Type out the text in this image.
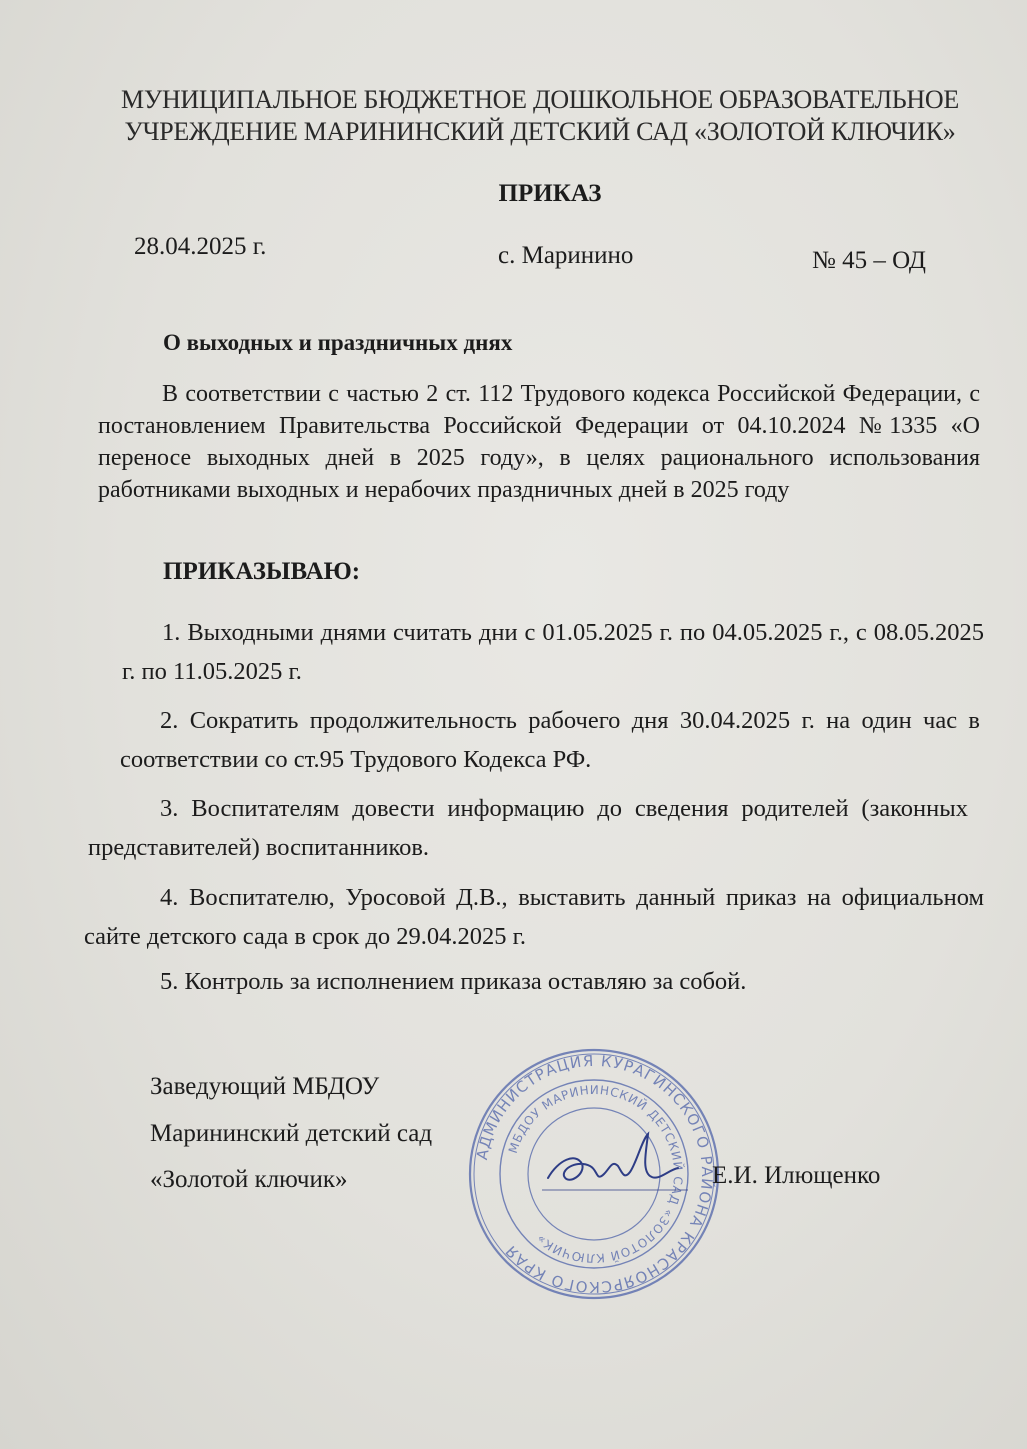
МУНИЦИПАЛЬНОЕ БЮДЖЕТНОЕ ДОШКОЛЬНОЕ ОБРАЗОВАТЕЛЬНОЕ
УЧРЕЖДЕНИЕ МАРИНИНСКИЙ ДЕТСКИЙ САД «ЗОЛОТОЙ КЛЮЧИК»
ПРИКАЗ
28.04.2025 г.	с. Маринино	№ 45 – ОД
О выходных и праздничных днях
В соответствии с частью 2 ст. 112 Трудового кодекса Российской Федерации, с постановлением Правительства Российской Федерации от 04.10.2024 №1335 «О переносе выходных дней в 2025 году», в целях рационального использования работниками выходных и нерабочих праздничных дней в 2025 году
ПРИКАЗЫВАЮ:
1. Выходными днями считать дни с 01.05.2025 г. по 04.05.2025 г., с 08.05.2025 г. по 11.05.2025 г.
2. Сократить продолжительность рабочего дня 30.04.2025 г. на один час в соответствии со ст.95 Трудового Кодекса РФ.
3. Воспитателям довести информацию до сведения родителей (законных представителей) воспитанников.
4. Воспитателю, Уросовой Д.В., выставить данный приказ на официальном сайте детского сада в срок до 29.04.2025 г.
5. Контроль за исполнением приказа оставляю за собой.
Заведующий МБДОУ
Марининский детский сад
«Золотой ключик»
АДМИНИСТРАЦИЯ КУРАГИНСКОГО РАЙОНА КРАСНОЯРСКОГО КРАЯ
МБДОУ МАРИНИНСКИЙ ДЕТСКИЙ САД «ЗОЛОТОЙ КЛЮЧИК»
Е.И. Илющенко
